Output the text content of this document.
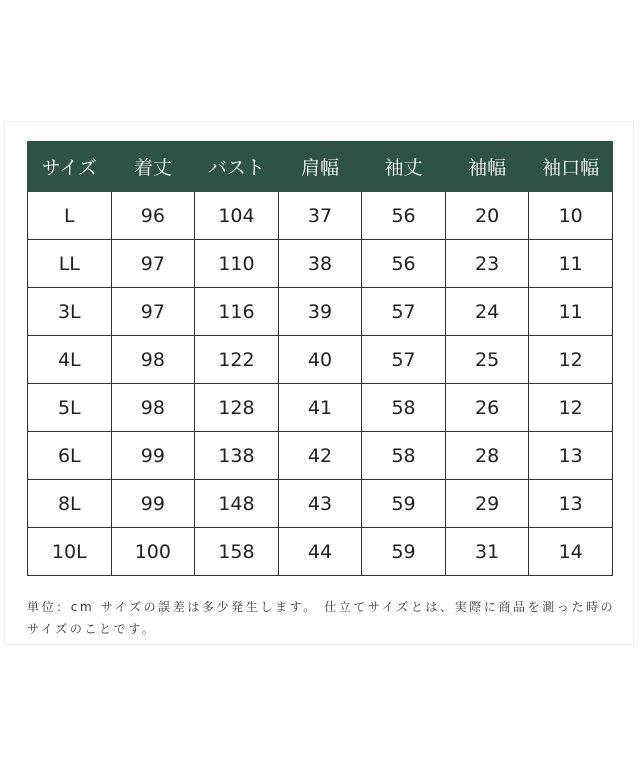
サイズ	着丈	バスト	肩幅	袖丈	袖幅	袖口幅
L	96	104	37	56	20	10
LL	97	110	38	56	23	11
3L	97	116	39	57	24	11
4L	98	122	40	57	25	12
5L	98	128	41	58	26	12
6L	99	138	42	58	28	13
8L	99	148	43	59	29	13
10L	100	158	44	59	31	14

単位：cm サイズの誤差は多少発生します。 仕立てサイズとは、実際に商品を測った時のサイズのことです。
